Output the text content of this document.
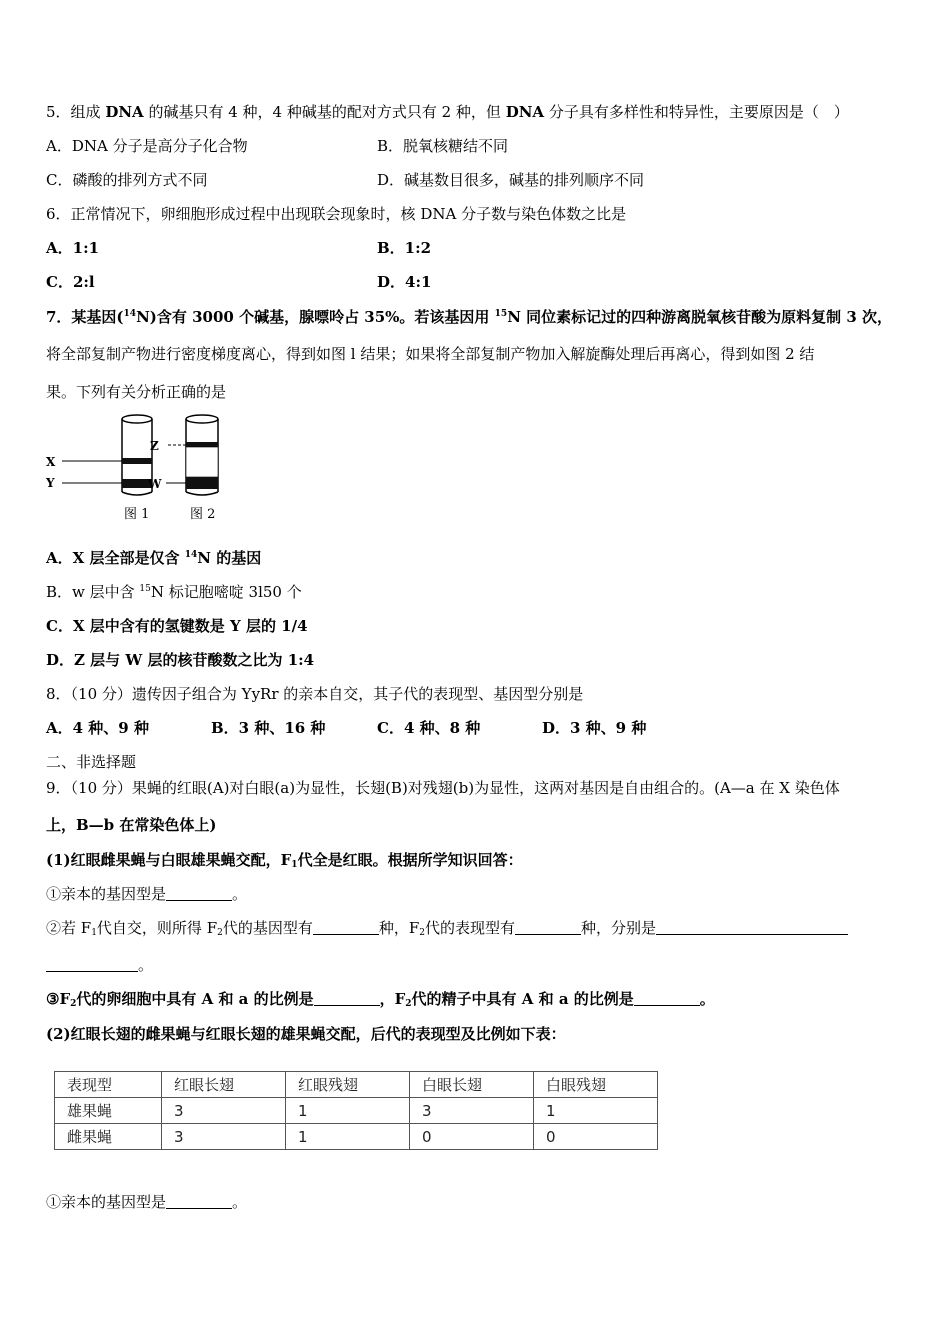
5．组成 DNA 的碱基只有 4 种，4 种碱基的配对方式只有 2 种，但 DNA 分子具有多样性和特异性，主要原因是（　）
A．DNA 分子是高分子化合物	B．脱氧核糖结不同
C．磷酸的排列方式不同	D．碱基数目很多，碱基的排列顺序不同
6．正常情况下，卵细胞形成过程中出现联会现象时，核 DNA 分子数与染色体数之比是
A．1:1	B．1:2
C．2:l	D．4:1
7．某基因($^{14}$N)含有 3000 个碱基，腺嘌呤占 35%。若该基因用 $^{15}$N 同位素标记过的四种游离脱氧核苷酸为原料复制 3 次，
将全部复制产物进行密度梯度离心，得到如图 l 结果；如果将全部复制产物加入解旋酶处理后再离心，得到如图 2 结
果。下列有关分析正确的是
X
Y
图 1
Z
W
图 2
A．X 层全部是仅含 $^{14}$N 的基因
B．w 层中含 $^{15}$N 标记胞嘧啶 3l50 个
C．X 层中含有的氢键数是 Y 层的 1/4
D．Z 层与 W 层的核苷酸数之比为 1:4
8．（10 分）遗传因子组合为 YyRr 的亲本自交，其子代的表现型、基因型分别是
A．4 种、9 种	B．3 种、16 种	C．4 种、8 种	D．3 种、9 种
二、非选择题
9．（10 分）果蝇的红眼(A)对白眼(a)为显性，长翅(B)对残翅(b)为显性，这两对基因是自由组合的。(A—a 在 X 染色体
上，B—b 在常染色体上)
(1)红眼雌果蝇与白眼雄果蝇交配，$F_1$代全是红眼。根据所学知识回答：
①亲本的基因型是	。
②若 $F_1$代自交，则所得 $F_2$代的基因型有	种，$F_2$代的表现型有	种，分别是
。
$③F_2$代的卵细胞中具有 A 和 a 的比例是	，$F_2$代的精子中具有 A 和 a 的比例是	。
(2)红眼长翅的雌果蝇与红眼长翅的雄果蝇交配，后代的表现型及比例如下表：
表现型	红眼长翅	红眼残翅	白眼长翅	白眼残翅
雄果蝇	3	1	3	1
雌果蝇	3	1	0	0
①亲本的基因型是	。
